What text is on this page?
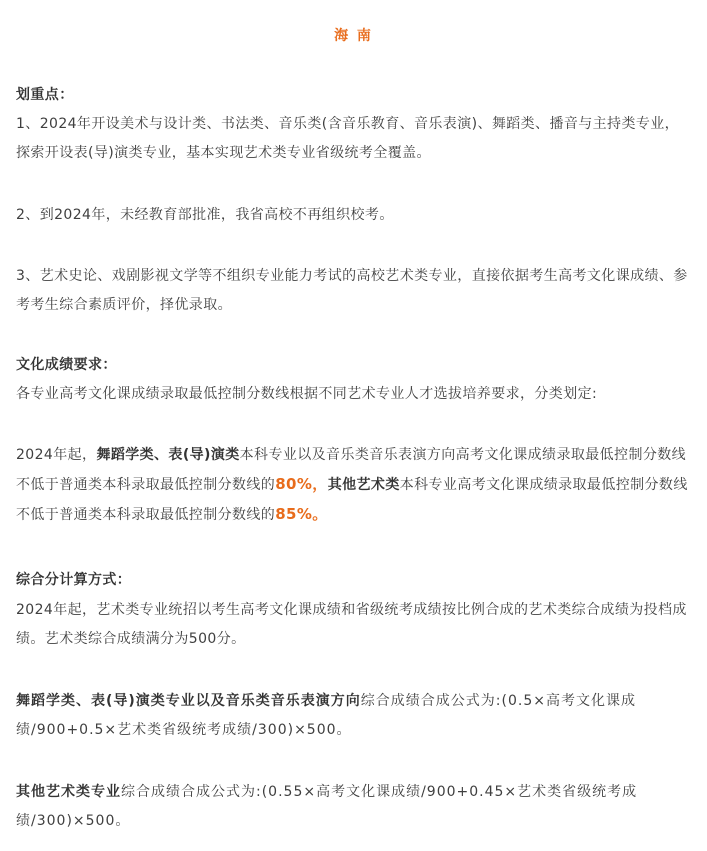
海 南
划重点：
1、2024年开设美术与设计类、书法类、音乐类(含音乐教育、音乐表演)、舞蹈类、播音与主持类专业，探索开设表(导)演类专业，基本实现艺术类专业省级统考全覆盖。
2、到2024年，未经教育部批准，我省高校不再组织校考。
3、艺术史论、戏剧影视文学等不组织专业能力考试的高校艺术类专业，直接依据考生高考文化课成绩、参考考生综合素质评价，择优录取。
文化成绩要求：
各专业高考文化课成绩录取最低控制分数线根据不同艺术专业人才选拔培养要求，分类划定:
2024年起，舞蹈学类、表(导)演类本科专业以及音乐类音乐表演方向高考文化课成绩录取最低控制分数线不低于普通类本科录取最低控制分数线的80%，其他艺术类本科专业高考文化课成绩录取最低控制分数线不低于普通类本科录取最低控制分数线的85%。
综合分计算方式：
2024年起，艺术类专业统招以考生高考文化课成绩和省级统考成绩按比例合成的艺术类综合成绩为投档成绩。艺术类综合成绩满分为500分。
舞蹈学类、表(导)演类专业以及音乐类音乐表演方向综合成绩合成公式为:(0.5×高考文化课成绩/900+0.5×艺术类省级统考成绩/300)×500。
其他艺术类专业综合成绩合成公式为:(0.55×高考文化课成绩/900+0.45×艺术类省级统考成绩/300)×500。
